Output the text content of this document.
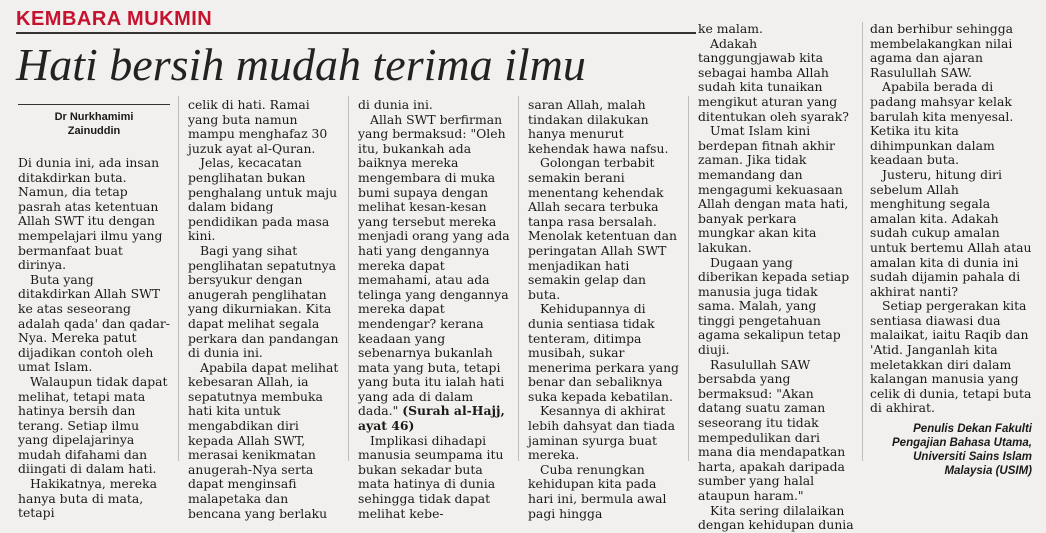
KEMBARA MUKMIN
Hati bersih mudah terima ilmu
Dr Nurkhamimi
Zainuddin

Di dunia ini, ada insan ditakdirkan buta. Namun, dia tetap pasrah atas ketentuan Allah SWT itu dengan mempelajari ilmu yang bermanfaat buat dirinya.

Buta yang ditakdirkan Allah SWT ke atas seseorang adalah qada' dan qadar-Nya. Mereka patut dijadikan contoh oleh umat Islam.

Walaupun tidak dapat melihat, tetapi mata hatinya bersih dan terang. Setiap ilmu yang dipelajarinya mudah difahami dan diingati di dalam hati.

Hakikatnya, mereka hanya buta di mata, tetapi

celik di hati. Ramai yang buta namun mampu menghafaz 30 juzuk ayat al-Quran.

Jelas, kecacatan penglihatan bukan penghalang untuk maju dalam bidang pendidikan pada masa kini.

Bagi yang sihat penglihatan sepatutnya bersyukur dengan anugerah penglihatan yang dikurniakan. Kita dapat melihat segala perkara dan pandangan di dunia ini.

Apabila dapat melihat kebesaran Allah, ia sepatutnya membuka hati kita untuk mengabdikan diri kepada Allah SWT, merasai kenikmatan anugerah-Nya serta dapat menginsafi malapetaka dan bencana yang berlaku

di dunia ini.

Allah SWT berfirman yang bermaksud: "Oleh itu, bukankah ada baiknya mereka mengembara di muka bumi supaya dengan melihat kesan-kesan yang tersebut mereka menjadi orang yang ada hati yang dengannya mereka dapat memahami, atau ada telinga yang dengannya mereka dapat mendengar? kerana keadaan yang sebenarnya bukanlah mata yang buta, tetapi yang buta itu ialah hati yang ada di dalam dada." (Surah al-Hajj, ayat 46)

Implikasi dihadapi manusia seumpama itu bukan sekadar buta mata hatinya di dunia sehingga tidak dapat melihat kebe-

saran Allah, malah tindakan dilakukan hanya menurut kehendak hawa nafsu.

Golongan terbabit semakin berani menentang kehendak Allah secara terbuka tanpa rasa bersalah. Menolak ketentuan dan peringatan Allah SWT menjadikan hati semakin gelap dan buta.

Kehidupannya di dunia sentiasa tidak tenteram, ditimpa musibah, sukar menerima perkara yang benar dan sebaliknya suka kepada kebatilan.

Kesannya di akhirat lebih dahsyat dan tiada jaminan syurga buat mereka.

Cuba renungkan kehidupan kita pada hari ini, bermula awal pagi hingga

ke malam.

Adakah tanggungjawab kita sebagai hamba Allah sudah kita tunaikan mengikut aturan yang ditentukan oleh syarak?

Umat Islam kini berdepan fitnah akhir zaman. Jika tidak memandang dan mengagumi kekuasaan Allah dengan mata hati, banyak perkara mungkar akan kita lakukan.

Dugaan yang diberikan kepada setiap manusia juga tidak sama. Malah, yang tinggi pengetahuan agama sekalipun tetap diuji.

Rasulullah SAW bersabda yang bermaksud: "Akan datang suatu zaman seseorang itu tidak mempedulikan dari mana dia mendapatkan harta, apakah daripada sumber yang halal ataupun haram."

Kita sering dilalaikan dengan kehidupan dunia

dan berhibur sehingga membelakangkan nilai agama dan ajaran Rasulullah SAW.

Apabila berada di padang mahsyar kelak barulah kita menyesal. Ketika itu kita dihimpunkan dalam keadaan buta.

Justeru, hitung diri sebelum Allah menghitung segala amalan kita. Adakah sudah cukup amalan untuk bertemu Allah atau amalan kita di dunia ini sudah dijamin pahala di akhirat nanti?

Setiap pergerakan kita sentiasa diawasi dua malaikat, iaitu Raqib dan 'Atid. Janganlah kita meletakkan diri dalam kalangan manusia yang celik di dunia, tetapi buta di akhirat.

Penulis Dekan Fakulti
Pengajian Bahasa Utama,
Universiti Sains Islam
Malaysia (USIM)
